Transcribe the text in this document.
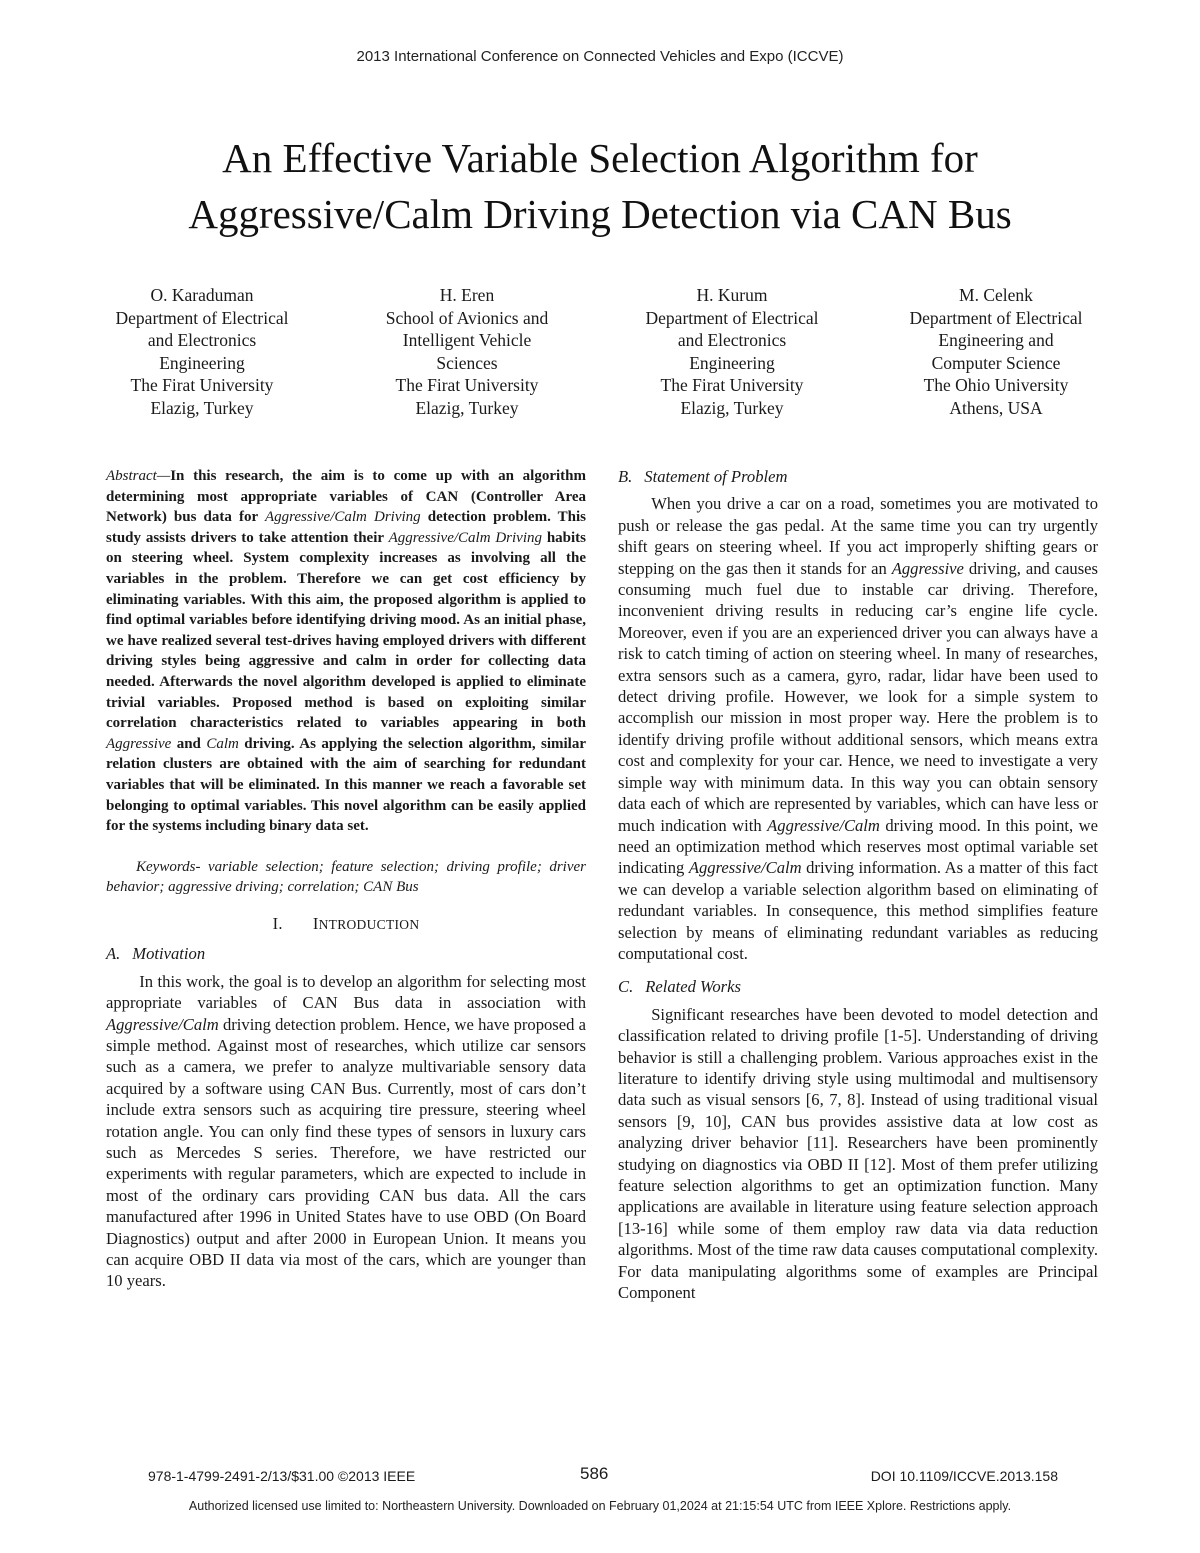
2013 International Conference on Connected Vehicles and Expo (ICCVE)
An Effective Variable Selection Algorithm for
Aggressive/Calm Driving Detection via CAN Bus
O. Karaduman
Department of Electrical
and Electronics
Engineering
The Firat University
Elazig, Turkey
H. Eren
School of Avionics and
Intelligent Vehicle
Sciences
The Firat University
Elazig, Turkey
H. Kurum
Department of Electrical
and Electronics
Engineering
The Firat University
Elazig, Turkey
M. Celenk
Department of Electrical
Engineering and
Computer Science
The Ohio University
Athens, USA

Abstract—In this research, the aim is to come up with an algorithm determining most appropriate variables of CAN (Controller Area Network) bus data for Aggressive/Calm Driving detection problem. This study assists drivers to take attention their Aggressive/Calm Driving habits on steering wheel. System complexity increases as involving all the variables in the problem. Therefore we can get cost efficiency by eliminating variables. With this aim, the proposed algorithm is applied to find optimal variables before identifying driving mood. As an initial phase, we have realized several test-drives having employed drivers with different driving styles being aggressive and calm in order for collecting data needed. Afterwards the novel algorithm developed is applied to eliminate trivial variables. Proposed method is based on exploiting similar correlation characteristics related to variables appearing in both Aggressive and Calm driving. As applying the selection algorithm, similar relation clusters are obtained with the aim of searching for redundant variables that will be eliminated. In this manner we reach a favorable set belonging to optimal variables. This novel algorithm can be easily applied for the systems including binary data set.

Keywords- variable selection; feature selection; driving profile; driver behavior; aggressive driving; correlation; CAN Bus

I. INTRODUCTION
A. Motivation

In this work, the goal is to develop an algorithm for selecting most appropriate variables of CAN Bus data in association with Aggressive/Calm driving detection problem. Hence, we have proposed a simple method. Against most of researches, which utilize car sensors such as a camera, we prefer to analyze multivariable sensory data acquired by a software using CAN Bus. Currently, most of cars don’t include extra sensors such as acquiring tire pressure, steering wheel rotation angle. You can only find these types of sensors in luxury cars such as Mercedes S series. Therefore, we have restricted our experiments with regular parameters, which are expected to include in most of the ordinary cars providing CAN bus data. All the cars manufactured after 1996 in United States have to use OBD (On Board Diagnostics) output and after 2000 in European Union. It means you can acquire OBD II data via most of the cars, which are younger than 10 years.

B. Statement of Problem

When you drive a car on a road, sometimes you are motivated to push or release the gas pedal. At the same time you can try urgently shift gears on steering wheel. If you act improperly shifting gears or stepping on the gas then it stands for an Aggressive driving, and causes consuming much fuel due to instable car driving. Therefore, inconvenient driving results in reducing car’s engine life cycle. Moreover, even if you are an experienced driver you can always have a risk to catch timing of action on steering wheel. In many of researches, extra sensors such as a camera, gyro, radar, lidar have been used to detect driving profile. However, we look for a simple system to accomplish our mission in most proper way. Here the problem is to identify driving profile without additional sensors, which means extra cost and complexity for your car. Hence, we need to investigate a very simple way with minimum data. In this way you can obtain sensory data each of which are represented by variables, which can have less or much indication with Aggressive/Calm driving mood. In this point, we need an optimization method which reserves most optimal variable set indicating Aggressive/Calm driving information. As a matter of this fact we can develop a variable selection algorithm based on eliminating of redundant variables. In consequence, this method simplifies feature selection by means of eliminating redundant variables as reducing computational cost.

C. Related Works

Significant researches have been devoted to model detection and classification related to driving profile [1-5]. Understanding of driving behavior is still a challenging problem. Various approaches exist in the literature to identify driving style using multimodal and multisensory data such as visual sensors [6, 7, 8]. Instead of using traditional visual sensors [9, 10], CAN bus provides assistive data at low cost as analyzing driver behavior [11]. Researchers have been prominently studying on diagnostics via OBD II [12]. Most of them prefer utilizing feature selection algorithms to get an optimization function. Many applications are available in literature using feature selection approach [13-16] while some of them employ raw data via data reduction algorithms. Most of the time raw data causes computational complexity. For data manipulating algorithms some of examples are Principal Component

978-1-4799-2491-2/13/$31.00 ©2013 IEEE	586	DOI 10.1109/ICCVE.2013.158
Authorized licensed use limited to: Northeastern University. Downloaded on February 01,2024 at 21:15:54 UTC from IEEE Xplore. Restrictions apply.
